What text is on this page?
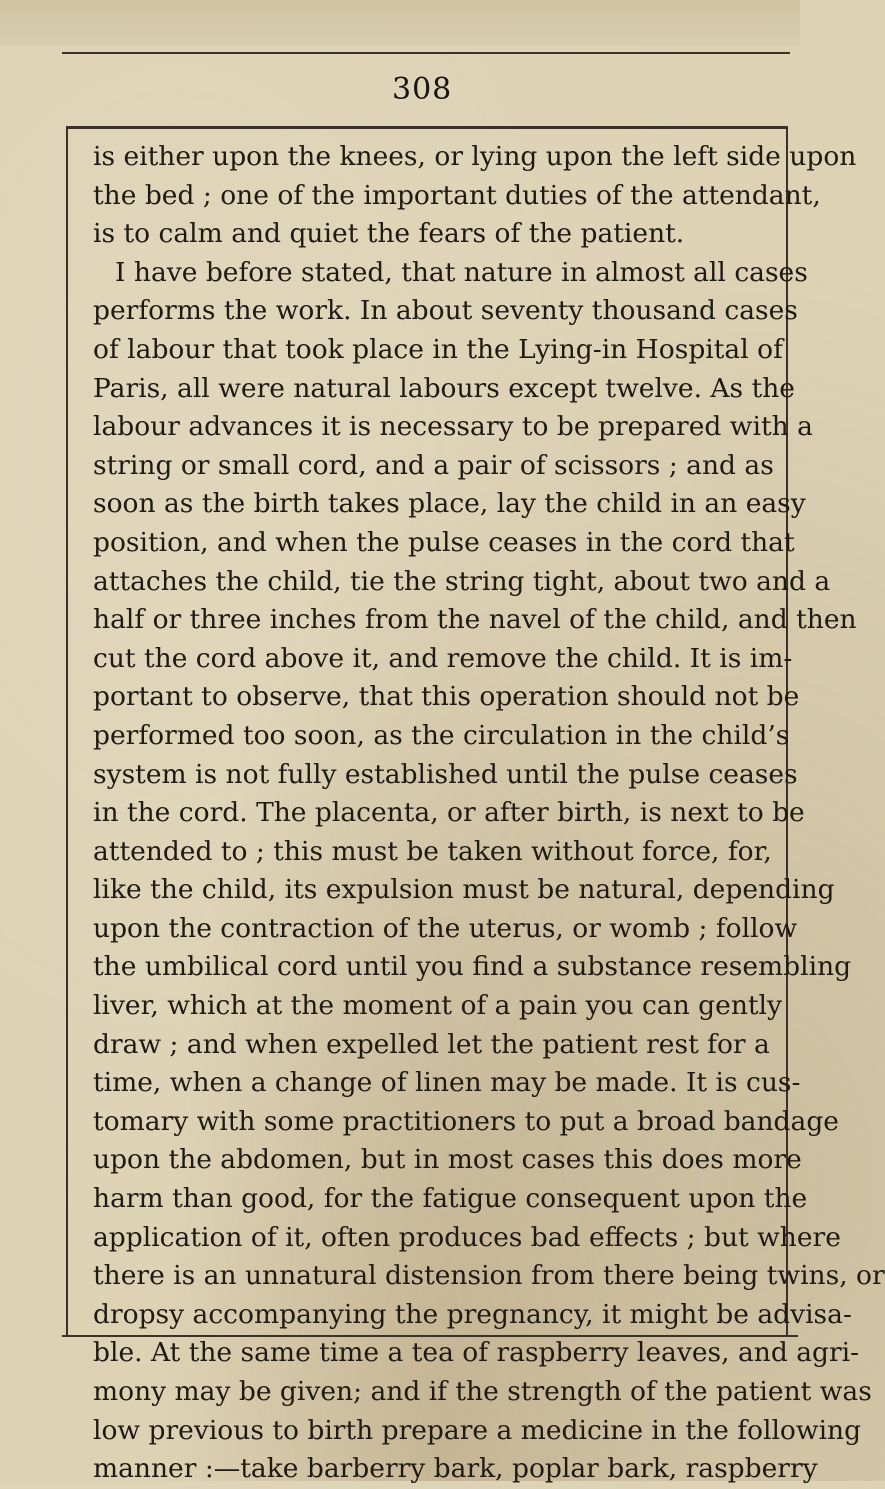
308
is either upon the knees, or lying upon the left side upon
the bed ; one of the important duties of the attendant,
is to calm and quiet the fears of the patient.
I have before stated, that nature in almost all cases
performs the work. In about seventy thousand cases
of labour that took place in the Lying-in Hospital of
Paris, all were natural labours except twelve. As the
labour advances it is necessary to be prepared with a
string or small cord, and a pair of scissors ; and as
soon as the birth takes place, lay the child in an easy
position, and when the pulse ceases in the cord that
attaches the child, tie the string tight, about two and a
half or three inches from the navel of the child, and then
cut the cord above it, and remove the child. It is im-
portant to observe, that this operation should not be
performed too soon, as the circulation in the child’s
system is not fully established until the pulse ceases
in the cord. The placenta, or after birth, is next to be
attended to ; this must be taken without force, for,
like the child, its expulsion must be natural, depending
upon the contraction of the uterus, or womb ; follow
the umbilical cord until you find a substance resembling
liver, which at the moment of a pain you can gently
draw ; and when expelled let the patient rest for a
time, when a change of linen may be made. It is cus-
tomary with some practitioners to put a broad bandage
upon the abdomen, but in most cases this does more
harm than good, for the fatigue consequent upon the
application of it, often produces bad effects ; but where
there is an unnatural distension from there being twins, or
dropsy accompanying the pregnancy, it might be advisa-
ble. At the same time a tea of raspberry leaves, and agri-
mony may be given; and if the strength of the patient was
low previous to birth prepare a medicine in the following
manner :—take barberry bark, poplar bark, raspberry
